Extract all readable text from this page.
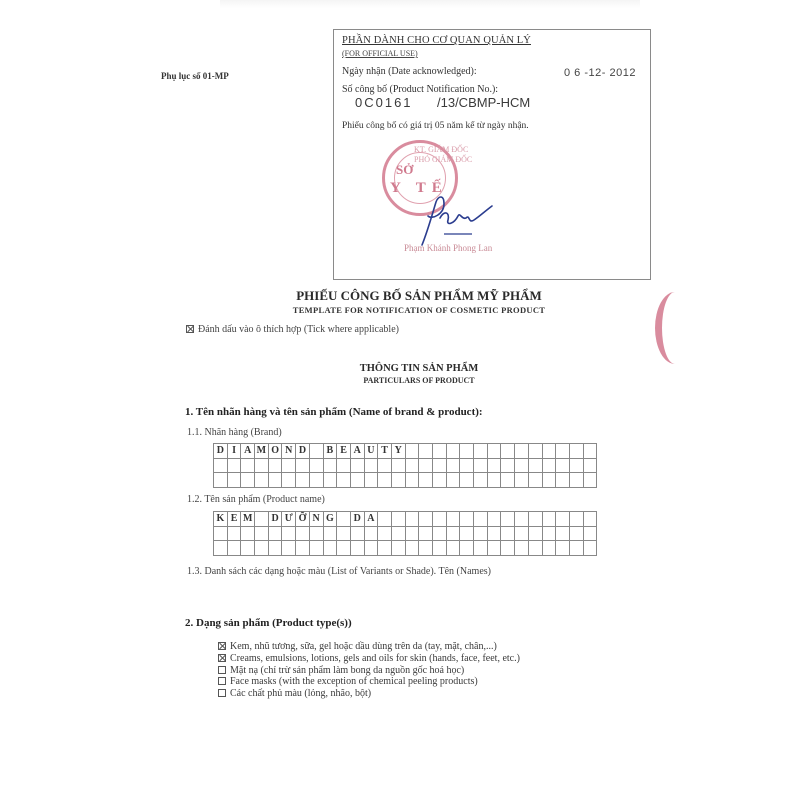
Phụ lục số 01-MP
PHẦN DÀNH CHO CƠ QUAN QUẢN LÝ
(FOR OFFICIAL USE)
Ngày nhận (Date acknowledged):	0 6 -12- 2012
Số công bố (Product Notification No.):
0С0161 /13/CBMP-HCM
Phiếu công bố có giá trị 05 năm kể từ ngày nhận.
KT. GIÁM ĐỐC
PHÓ GIÁM ĐỐC
SỞ
Y TẾ
Phạm Khánh Phong Lan
PHIẾU CÔNG BỐ SẢN PHẨM MỸ PHẨM
TEMPLATE FOR NOTIFICATION OF COSMETIC PRODUCT
Đánh dấu vào ô thích hợp (Tick where applicable)
THÔNG TIN SẢN PHẨM
PARTICULARS OF PRODUCT
1. Tên nhãn hàng và tên sản phẩm (Name of brand & product):
1.1. Nhãn hàng (Brand)
D I A M O N D	B E A U T Y
1.2. Tên sản phẩm (Product name)
K E M D Ư Ỡ N G	D A
1.3. Danh sách các dạng hoặc màu (List of Variants or Shade). Tên (Names)
2. Dạng sản phẩm (Product type(s))
Kem, nhũ tương, sữa, gel hoặc dầu dùng trên da (tay, mặt, chân,...)
Creams, emulsions, lotions, gels and oils for skin (hands, face, feet, etc.)
Mặt nạ (chỉ trừ sản phẩm làm bong da nguồn gốc hoá học)
Face masks (with the exception of chemical peeling products)
Các chất phủ màu (lỏng, nhão, bột)
